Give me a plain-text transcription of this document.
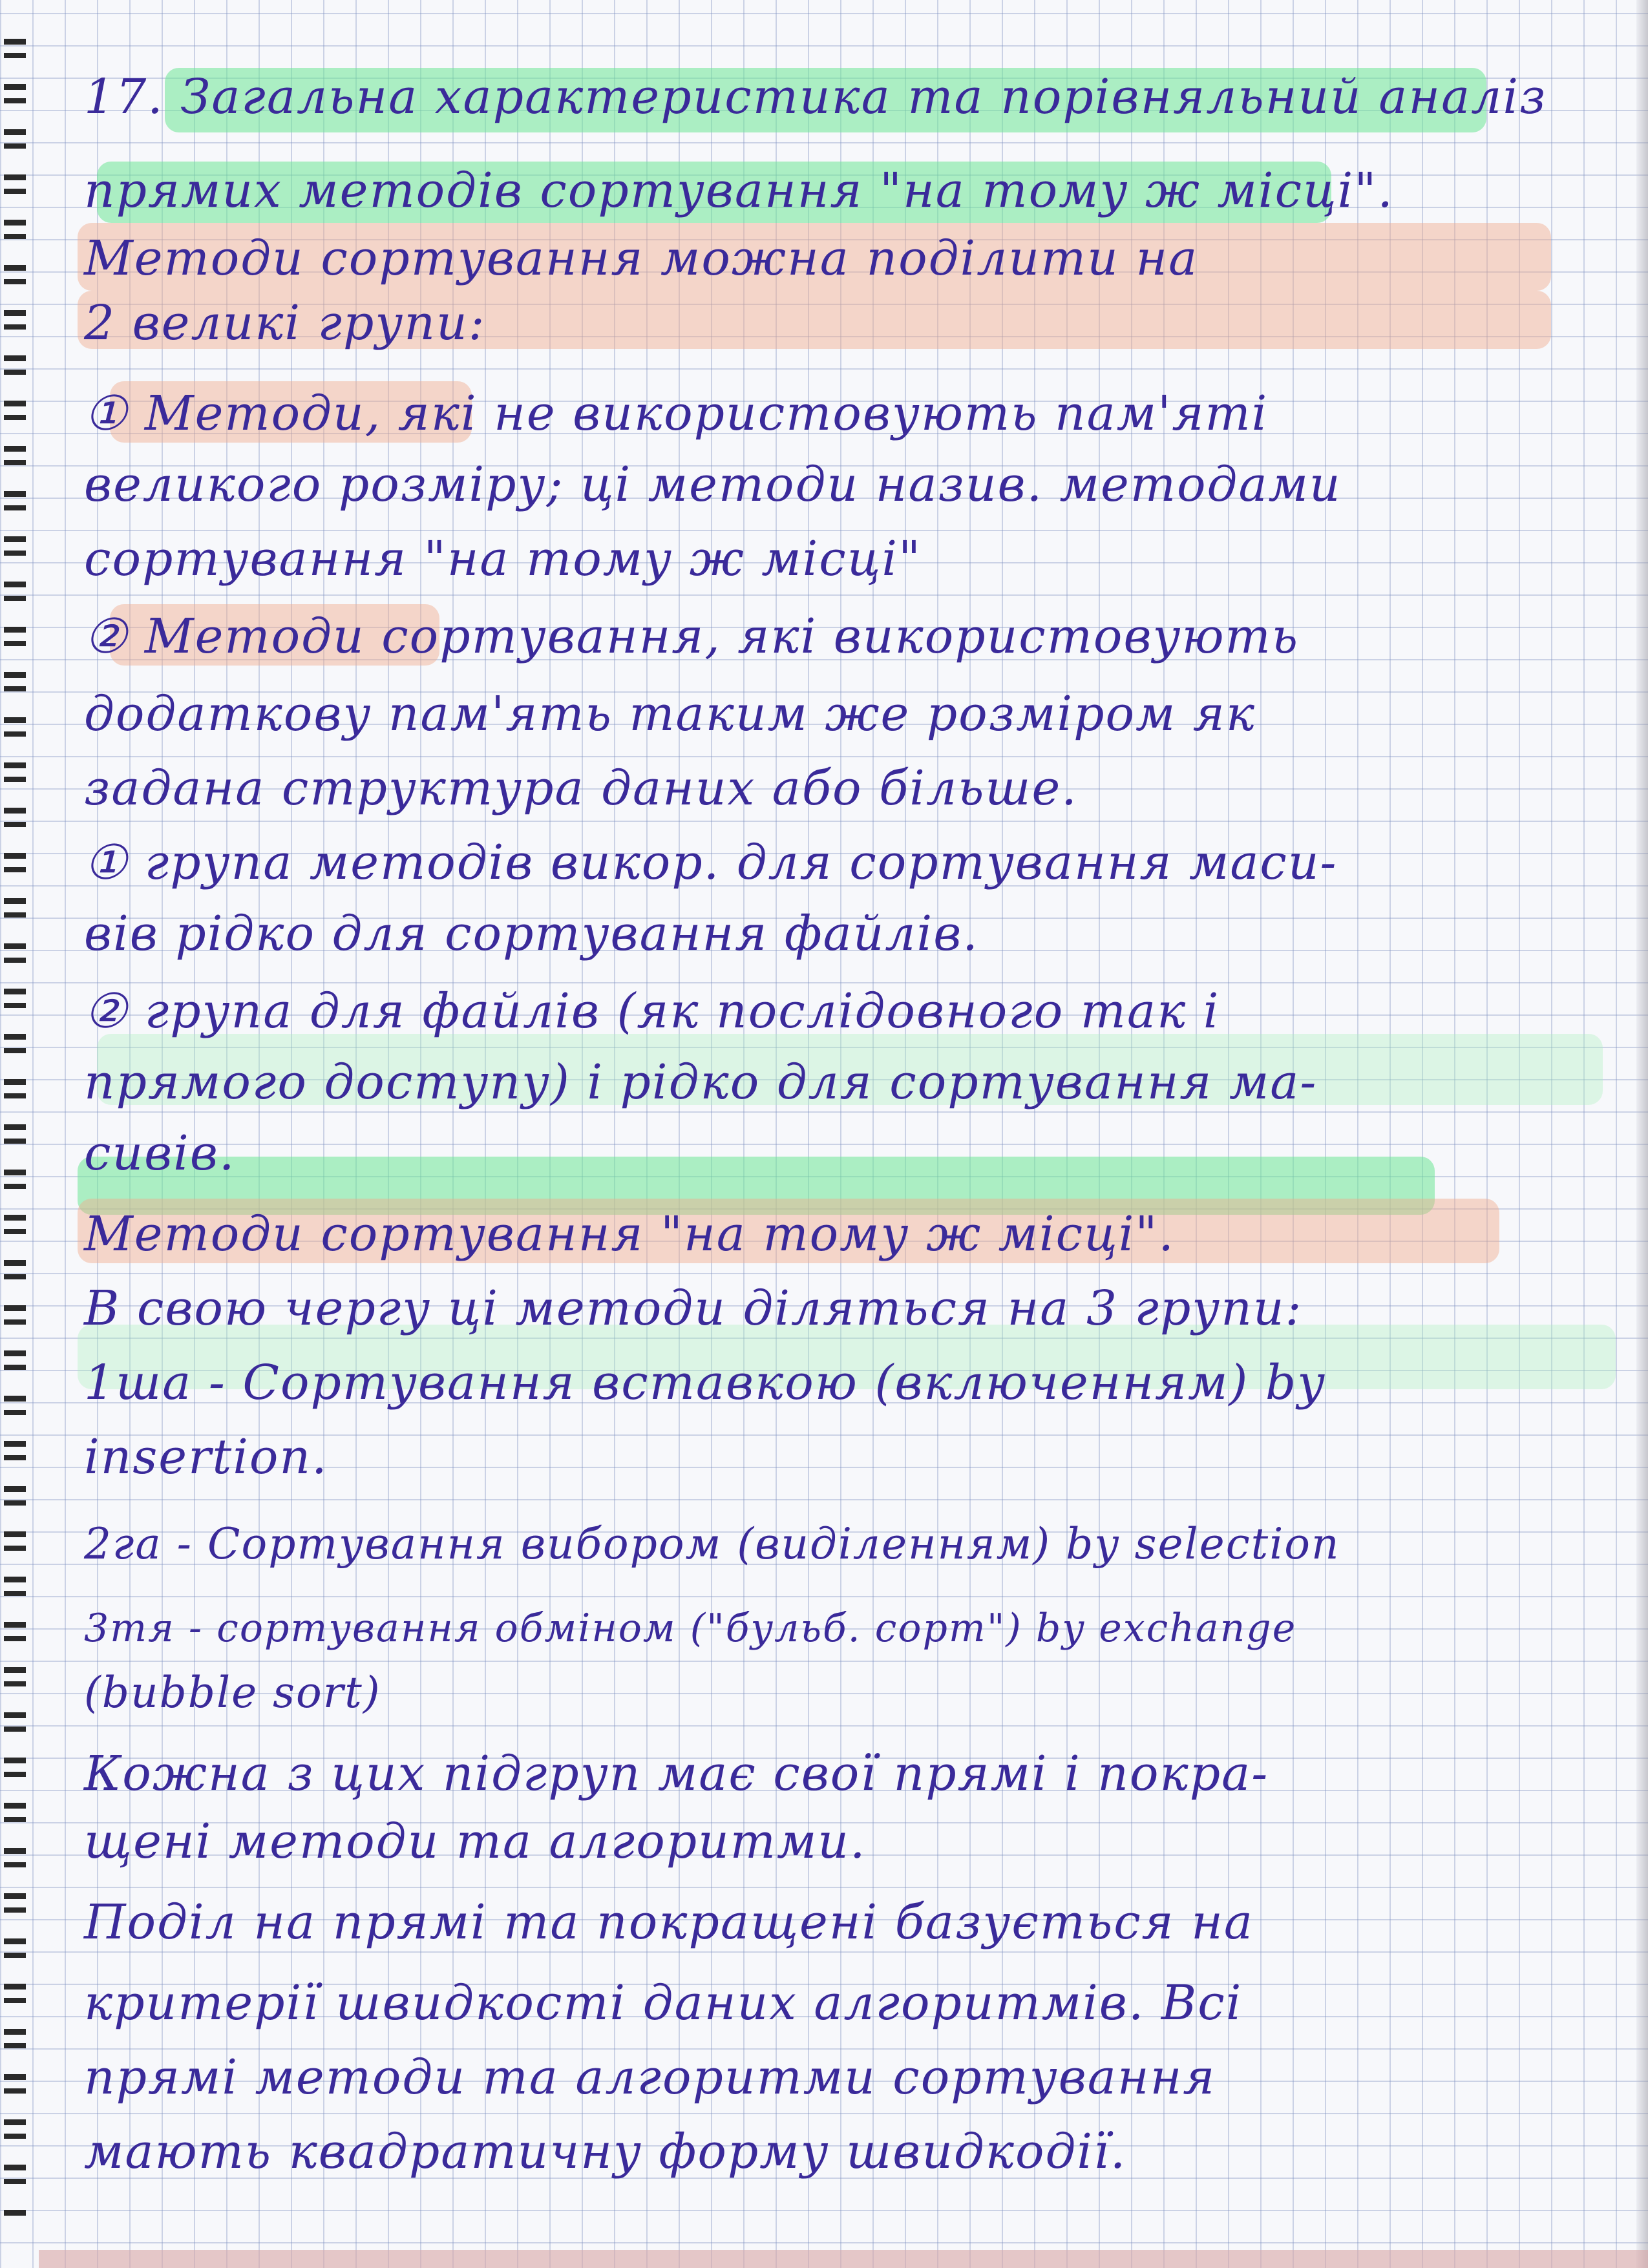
17. Загальна характеристика та порівняльний аналіз
прямих методів сортування "на тому ж місці".
Методи сортування можна поділити на
2 великі групи:
① Методи, які не використовують пам'яті
великого розміру; ці методи назив. методами
сортування "на тому ж місці"
② Методи сортування, які використовують
додаткову пам'ять таким же розміром як
задана структура даних або більше.
① група методів викор. для сортування маси-
вів рідко для сортування файлів.
② група для файлів (як послідовного так і
прямого доступу) і рідко для сортування ма-
сивів.
Методи сортування "на тому ж місці".
В свою чергу ці методи діляться на 3 групи:
1ша - Сортування вставкою (включенням) by
insertion.
2га - Сортування вибором (виділенням) by selection
3тя - сортування обміном ("бульб. сорт") by exchange
(bubble sort)
Кожна з цих підгруп має свої прямі і покра-
щені методи та алгоритми.
Поділ на прямі та покращені базується на
критерії швидкості даних алгоритмів. Всі
прямі методи та алгоритми сортування
мають квадратичну форму швидкодії.
